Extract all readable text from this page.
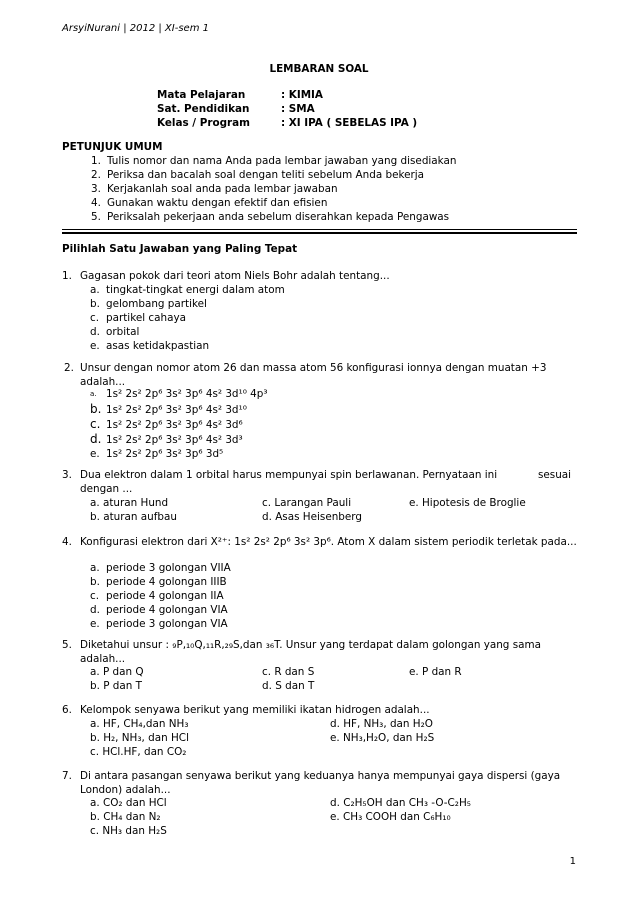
ArsyiNurani | 2012 | XI-sem 1
LEMBARAN SOAL
Mata Pelajaran	: KIMIA
Sat. Pendidikan	: SMA
Kelas / Program	: XI IPA ( SEBELAS IPA )
PETUNJUK UMUM
1. Tulis nomor dan nama Anda pada lembar jawaban yang disediakan
2. Periksa dan bacalah soal dengan teliti sebelum Anda bekerja
3. Kerjakanlah soal anda pada lembar jawaban
4. Gunakan waktu dengan efektif dan efisien
5. Periksalah pekerjaan anda sebelum diserahkan kepada Pengawas
Pilihlah Satu Jawaban yang Paling Tepat
1. Gagasan pokok dari teori atom Niels Bohr adalah tentang...
a. tingkat-tingkat energi dalam atom
b. gelombang partikel
c. partikel cahaya
d. orbital
e. asas ketidakpastian
2. Unsur dengan nomor atom 26 dan massa atom 56 konfigurasi ionnya dengan muatan +3 adalah...
a. 1s² 2s² 2p⁶ 3s² 3p⁶ 4s² 3d¹⁰ 4p³
b. 1s² 2s² 2p⁶ 3s² 3p⁶ 4s² 3d¹⁰
c. 1s² 2s² 2p⁶ 3s² 3p⁶ 4s² 3d⁶
d. 1s² 2s² 2p⁶ 3s² 3p⁶ 4s² 3d³
e. 1s² 2s² 2p⁶ 3s² 3p⁶ 3d⁵
3. Dua elektron dalam 1 orbital harus mempunyai spin berlawanan. Pernyataan ini	sesuai
dengan ...
a. aturan Hund
b. aturan aufbau
c. Larangan Pauli
d. Asas Heisenberg
e. Hipotesis de Broglie
4. Konfigurasi elektron dari X²⁺: 1s² 2s² 2p⁶ 3s² 3p⁶. Atom X dalam sistem periodik terletak pada...
a. periode 3 golongan VIIA
b. periode 4 golongan IIIB
c. periode 4 golongan IIA
d. periode 4 golongan VIA
e. periode 3 golongan VIA
5. Diketahui unsur : ₉P,₁₀Q,₁₁R,₂₉S,dan ₃₆T. Unsur yang terdapat dalam golongan yang sama adalah...
a. P dan Q
b. P dan T
c. R dan S
d. S dan T
e. P dan R
6. Kelompok senyawa berikut yang memiliki ikatan hidrogen adalah...
a. HF, CH₄,dan NH₃
b. H₂, NH₃, dan HCl
c. HCl.HF, dan CO₂
d. HF, NH₃, dan H₂O
e. NH₃,H₂O, dan H₂S
7. Di antara pasangan senyawa berikut yang keduanya hanya mempunyai gaya dispersi (gaya London) adalah...
a. CO₂ dan HCl
b. CH₄ dan N₂
c. NH₃ dan H₂S
d. C₂H₅OH dan CH₃ -O-C₂H₅
e. CH₃ COOH dan C₆H₁₀
1
